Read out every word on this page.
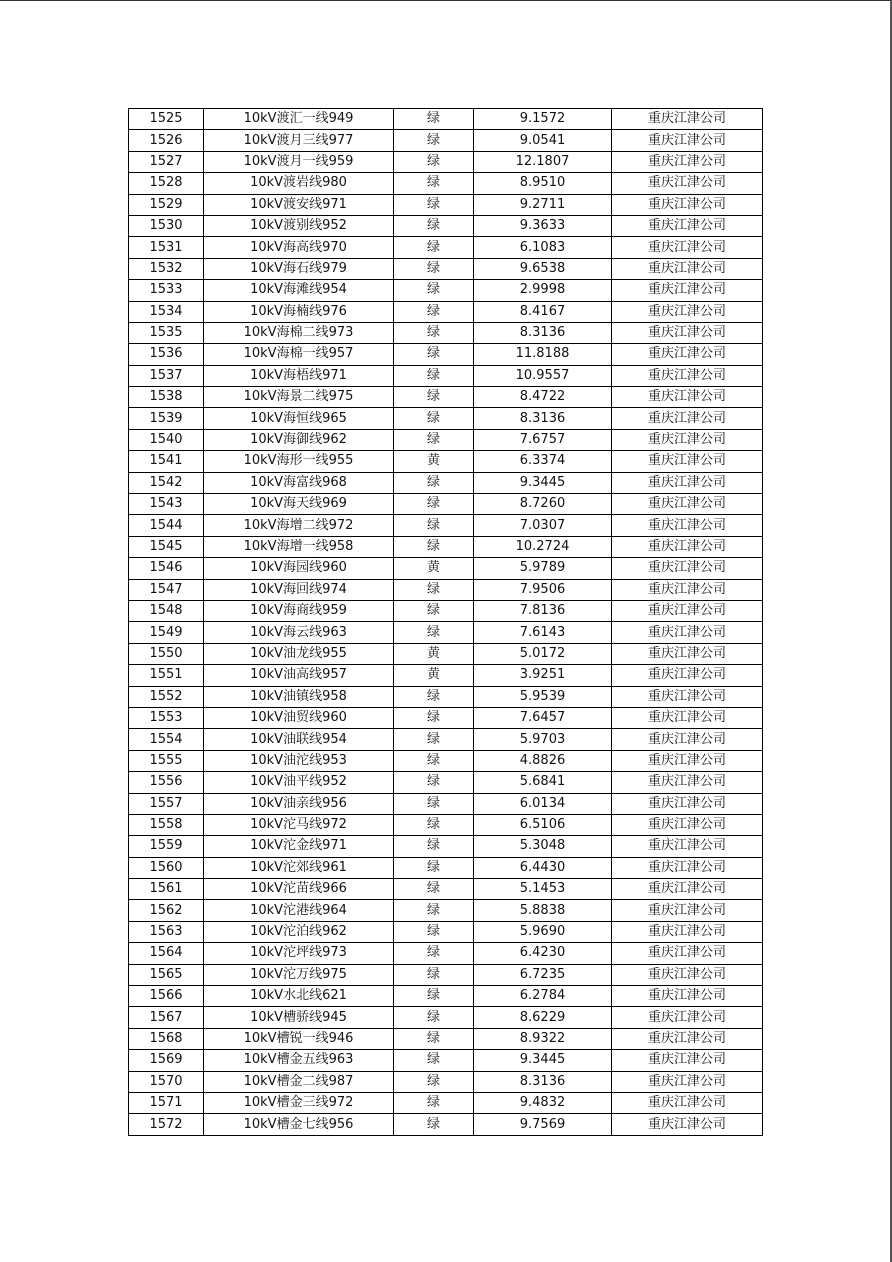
1525	10kV渡汇一线949	绿	9.1572	重庆江津公司
1526	10kV渡月三线977	绿	9.0541	重庆江津公司
1527	10kV渡月一线959	绿	12.1807	重庆江津公司
1528	10kV渡岩线980	绿	8.9510	重庆江津公司
1529	10kV渡安线971	绿	9.2711	重庆江津公司
1530	10kV渡别线952	绿	9.3633	重庆江津公司
1531	10kV海高线970	绿	6.1083	重庆江津公司
1532	10kV海石线979	绿	9.6538	重庆江津公司
1533	10kV海滩线954	绿	2.9998	重庆江津公司
1534	10kV海楠线976	绿	8.4167	重庆江津公司
1535	10kV海棉二线973	绿	8.3136	重庆江津公司
1536	10kV海棉一线957	绿	11.8188	重庆江津公司
1537	10kV海梧线971	绿	10.9557	重庆江津公司
1538	10kV海景二线975	绿	8.4722	重庆江津公司
1539	10kV海恒线965	绿	8.3136	重庆江津公司
1540	10kV海御线962	绿	7.6757	重庆江津公司
1541	10kV海形一线955	黄	6.3374	重庆江津公司
1542	10kV海富线968	绿	9.3445	重庆江津公司
1543	10kV海天线969	绿	8.7260	重庆江津公司
1544	10kV海增二线972	绿	7.0307	重庆江津公司
1545	10kV海增一线958	绿	10.2724	重庆江津公司
1546	10kV海园线960	黄	5.9789	重庆江津公司
1547	10kV海回线974	绿	7.9506	重庆江津公司
1548	10kV海商线959	绿	7.8136	重庆江津公司
1549	10kV海云线963	绿	7.6143	重庆江津公司
1550	10kV油龙线955	黄	5.0172	重庆江津公司
1551	10kV油高线957	黄	3.9251	重庆江津公司
1552	10kV油镇线958	绿	5.9539	重庆江津公司
1553	10kV油贸线960	绿	7.6457	重庆江津公司
1554	10kV油联线954	绿	5.9703	重庆江津公司
1555	10kV油沱线953	绿	4.8826	重庆江津公司
1556	10kV油平线952	绿	5.6841	重庆江津公司
1557	10kV油亲线956	绿	6.0134	重庆江津公司
1558	10kV沱马线972	绿	6.5106	重庆江津公司
1559	10kV沱金线971	绿	5.3048	重庆江津公司
1560	10kV沱郊线961	绿	6.4430	重庆江津公司
1561	10kV沱苗线966	绿	5.1453	重庆江津公司
1562	10kV沱港线964	绿	5.8838	重庆江津公司
1563	10kV沱泊线962	绿	5.9690	重庆江津公司
1564	10kV沱坪线973	绿	6.4230	重庆江津公司
1565	10kV沱万线975	绿	6.7235	重庆江津公司
1566	10kV水北线621	绿	6.2784	重庆江津公司
1567	10kV槽骄线945	绿	8.6229	重庆江津公司
1568	10kV槽锐一线946	绿	8.9322	重庆江津公司
1569	10kV槽金五线963	绿	9.3445	重庆江津公司
1570	10kV槽金二线987	绿	8.3136	重庆江津公司
1571	10kV槽金三线972	绿	9.4832	重庆江津公司
1572	10kV槽金七线956	绿	9.7569	重庆江津公司
